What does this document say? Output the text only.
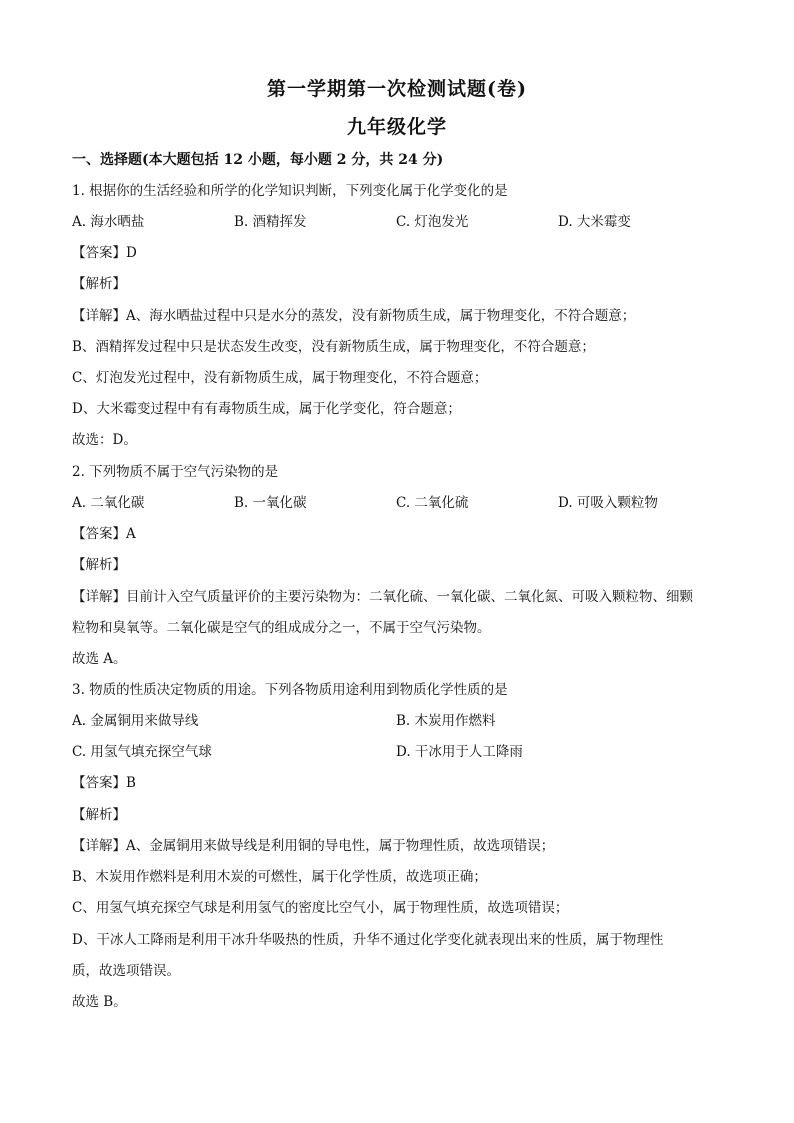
第一学期第一次检测试题(卷)
九年级化学
一、选择题(本大题包括 12 小题，每小题 2 分，共 24 分)
1. 根据你的生活经验和所学的化学知识判断，下列变化属于化学变化的是
A. 海水晒盐	B. 酒精挥发	C. 灯泡发光	D. 大米霉变
【答案】D
【解析】
【详解】A、海水晒盐过程中只是水分的蒸发，没有新物质生成，属于物理变化，不符合题意；
B、酒精挥发过程中只是状态发生改变，没有新物质生成，属于物理变化，不符合题意；
C、灯泡发光过程中，没有新物质生成，属于物理变化，不符合题意；
D、大米霉变过程中有有毒物质生成，属于化学变化，符合题意；
故选：D。
2. 下列物质不属于空气污染物的是
A. 二氧化碳	B. 一氧化碳	C. 二氧化硫	D. 可吸入颗粒物
【答案】A
【解析】
【详解】目前计入空气质量评价的主要污染物为：二氧化硫、一氧化碳、二氧化氮、可吸入颗粒物、细颗
粒物和臭氧等。二氧化碳是空气的组成成分之一，不属于空气污染物。
故选 A。
3. 物质的性质决定物质的用途。下列各物质用途利用到物质化学性质的是
A. 金属铜用来做导线	B. 木炭用作燃料
C. 用氢气填充探空气球	D. 干冰用于人工降雨
【答案】B
【解析】
【详解】A、金属铜用来做导线是利用铜的导电性，属于物理性质，故选项错误；
B、木炭用作燃料是利用木炭的可燃性，属于化学性质，故选项正确；
C、用氢气填充探空气球是利用氢气的密度比空气小，属于物理性质，故选项错误；
D、干冰人工降雨是利用干冰升华吸热的性质，升华不通过化学变化就表现出来的性质，属于物理性
质，故选项错误。
故选 B。
